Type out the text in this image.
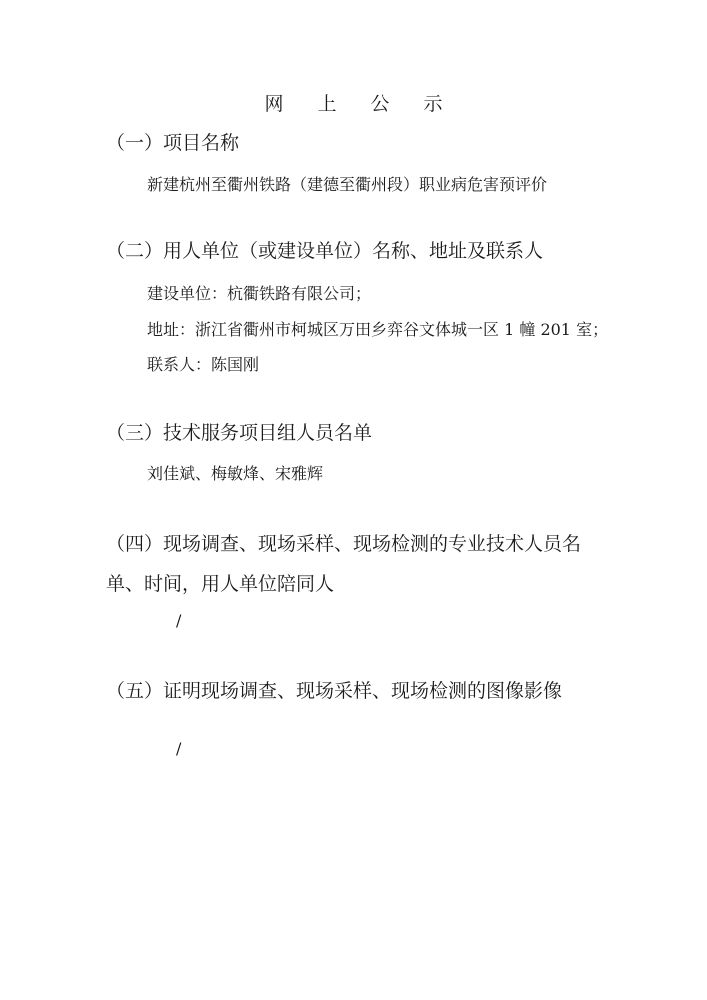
网 上 公 示
（一）项目名称
新建杭州至衢州铁路（建德至衢州段）职业病危害预评价
（二）用人单位（或建设单位）名称、地址及联系人
建设单位：杭衢铁路有限公司；
地址：浙江省衢州市柯城区万田乡弈谷文体城一区 1 幢 201 室；
联系人：陈国刚
（三）技术服务项目组人员名单
刘佳斌、梅敏烽、宋雅辉
（四）现场调查、现场采样、现场检测的专业技术人员名单、时间，用人单位陪同人
/
（五）证明现场调查、现场采样、现场检测的图像影像
/
